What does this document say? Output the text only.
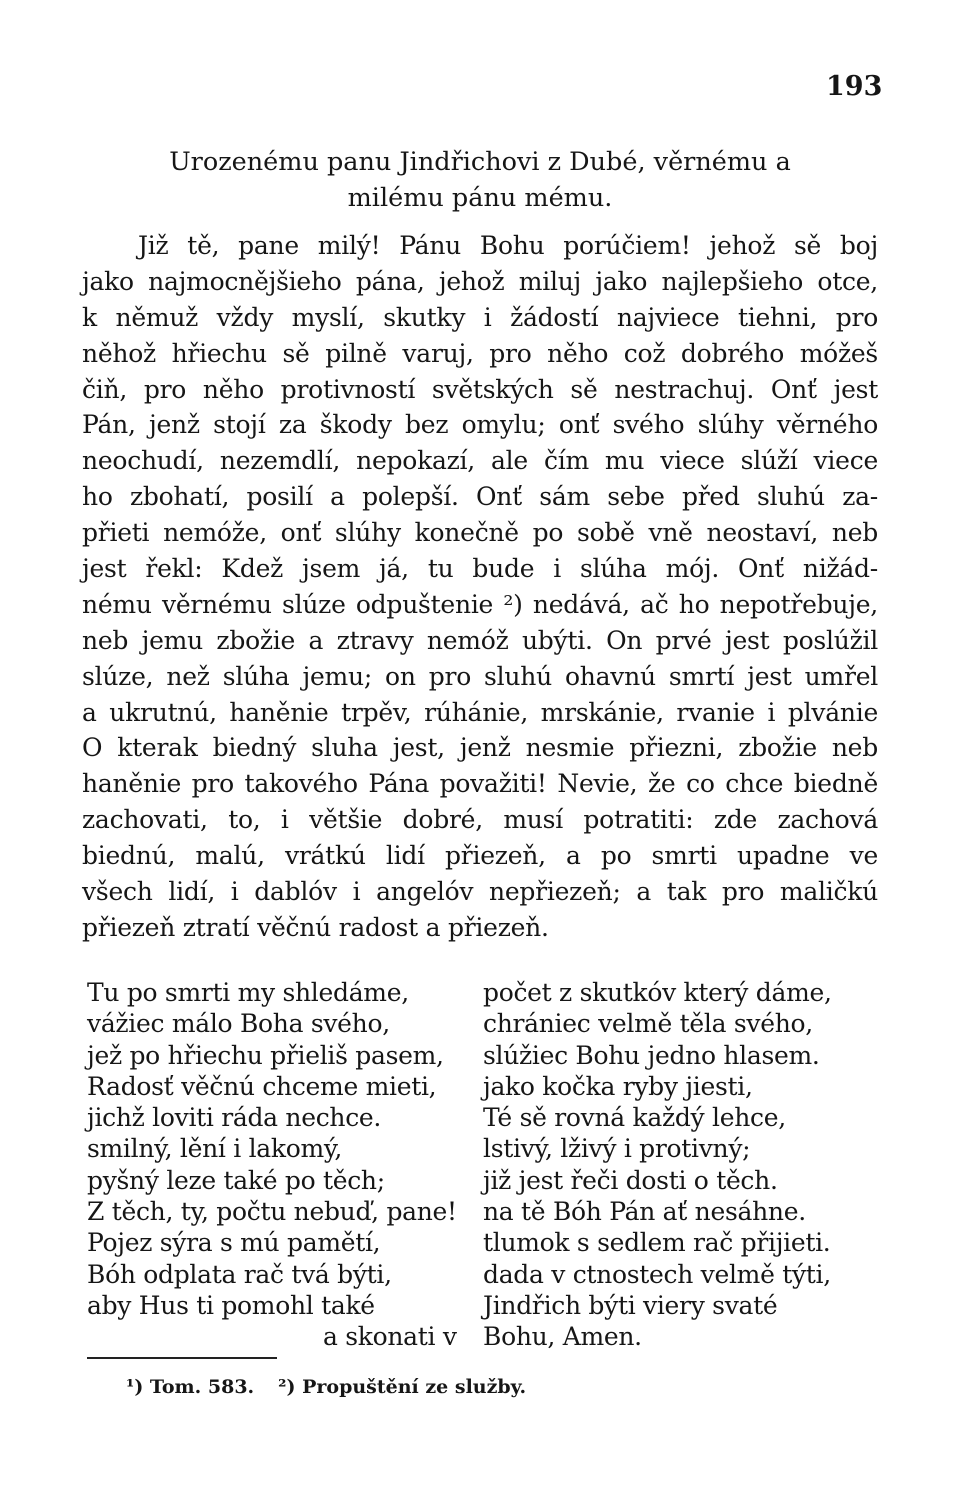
193
Urozenému panu Jindřichovi z Dubé, věrnému a
milému pánu mému.
Již tě, pane milý! Pánu Bohu porúčiem! jehož sě boj
jako najmocnějšieho pána, jehož miluj jako najlepšieho otce,
k němuž vždy myslí, skutky i žádostí najviece tiehni, pro
něhož hřiechu sě pilně varuj, pro něho což dobrého móžeš
čiň, pro něho protivností světských sě nestrachuj. Onť jest
Pán, jenž stojí za škody bez omylu; onť svého slúhy věrného
neochudí, nezemdlí, nepokazí, ale čím mu viece slúží viece
ho zbohatí, posilí a polepší. Onť sám sebe před sluhú za-
přieti nemóže, onť slúhy konečně po sobě vně neostaví, neb
jest řekl: Kdež jsem já, tu bude i slúha mój. Onť nižád-
nému věrnému slúze odpuštenie ²) nedává, ač ho nepotřebuje,
neb jemu zbožie a ztravy nemóž ubýti. On prvé jest poslúžil
slúze, než slúha jemu; on pro sluhú ohavnú smrtí jest umřel
a ukrutnú, haněnie trpěv, rúhánie, mrskánie, rvanie i plvánie
O kterak biedný sluha jest, jenž nesmie přiezni, zbožie neb
haněnie pro takového Pána považiti! Nevie, že co chce biedně
zachovati, to, i většie dobré, musí potratiti: zde zachová
biednú, malú, vrátkú lidí přiezeň, a po smrti upadne ve
všech lidí, i dablóv i angelóv nepřiezeň; a tak pro maličkú
přiezeň ztratí věčnú radost a přiezeň.
Tu po smrti my shledáme,	počet z skutkóv který dáme,
vážiec málo Boha svého,	chrániec velmě těla svého,
jež po hřiechu přieliš pasem, slúžiec Bohu jedno hlasem.
Radosť věčnú chceme mieti, jako kočka ryby jiesti,
jichž loviti ráda nechce.	Té sě rovná každý lehce,
smilný, lění i lakomý,	lstivý, lživý i protivný;
pyšný leze také po těch;	již jest řeči dosti o těch.
Z těch, ty, počtu nebuď, pane! na tě Bóh Pán ať nesáhne.
Pojez sýra s mú pamětí,	tlumok s sedlem rač přijieti.
Bóh odplata rač tvá býti,	dada v ctnostech velmě týti,
aby Hus ti pomohl také	Jindřich býti viery svaté
a skonati v Bohu, Amen.
¹) Tom. 583. ²) Propuštění ze služby.
